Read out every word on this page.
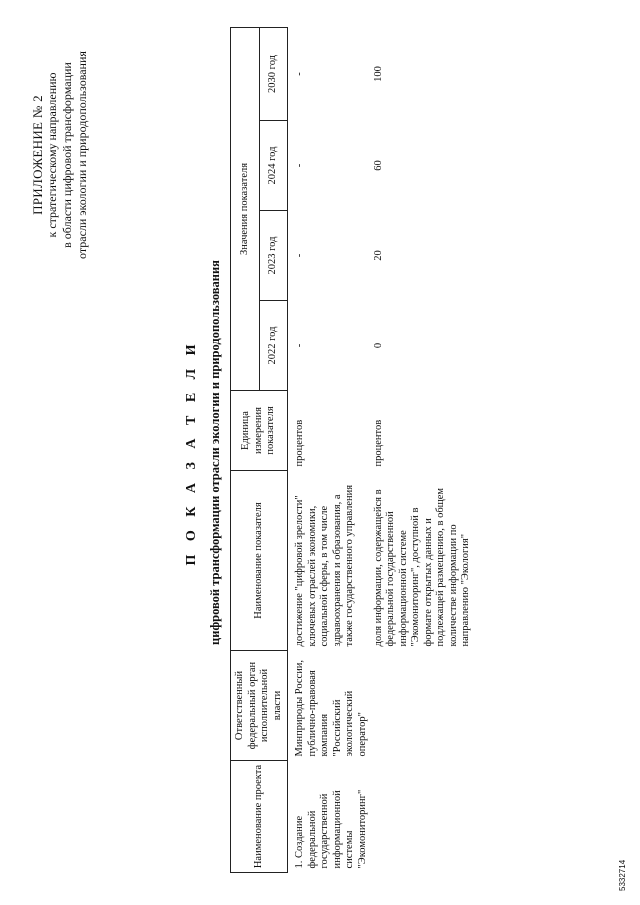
ПРИЛОЖЕНИЕ № 2 к стратегическому направлению в области цифровой трансформации отрасли экологии и природопользования
П О К А З А Т Е Л И цифровой трансформации отрасли экологии и природопользования
Наименование проекта	Ответственный федеральный орган исполнительной власти	Наименование показателя	Единица измерения показателя	Значения показателя			
				2022 год	2023 год	2024 год	2030 год
1. Создание федеральной государственной информационной системы "Экомониторинг"	Минприроды России, публично-правовая компания "Российский экологический оператор"	достижение "цифровой зрелости" ключевых отраслей экономики, социальной сферы, в том числе здравоохранения и образования, а также государственного управления	процентов	-	-	-	-
		доля информации, содержащейся в федеральной государственной информационной системе "Экомониторинг", доступной в формате открытых данных и подлежащей размещению, в общем количестве информации по направлению "Экология"	процентов	0	20	60	100
5332714
